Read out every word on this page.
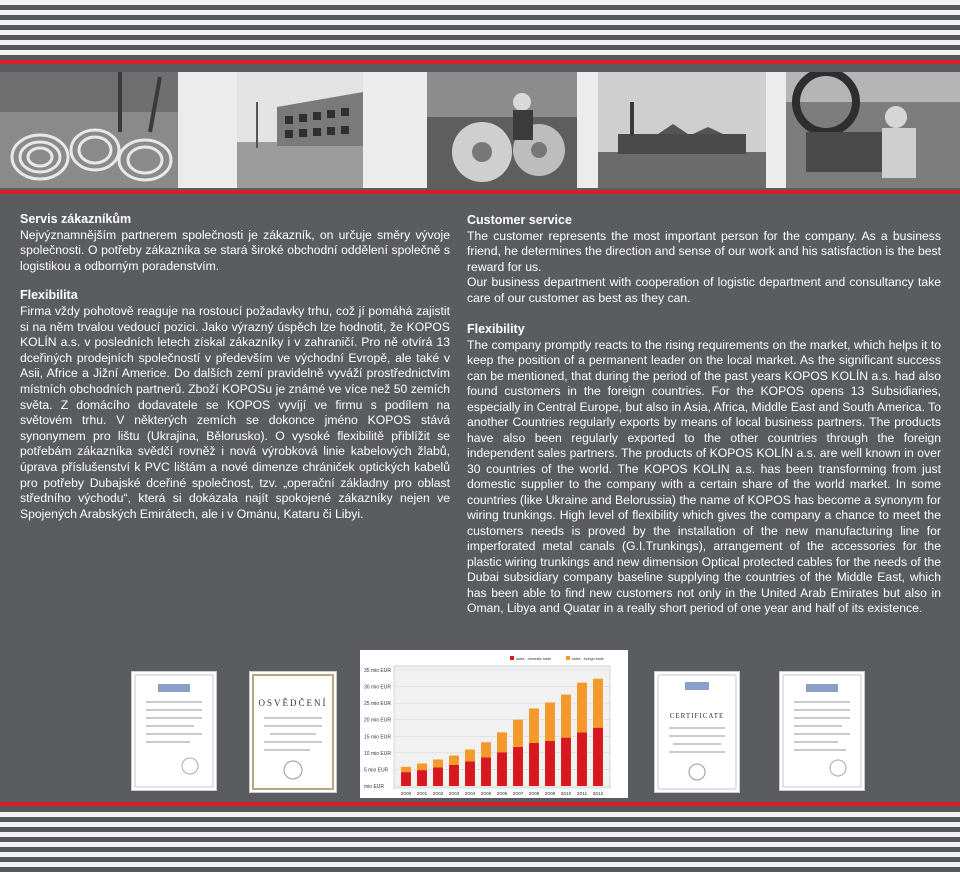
Servis zákazníkům

Nejvýznamnějším partnerem společnosti je zákazník, on určuje směry vývoje společnosti. O potřeby zákazníka se stará široké obchodní oddělení společně s logistikou a odborným poradenstvím.

Flexibilita

Firma vždy pohotově reaguje na rostoucí požadavky trhu, což jí pomáhá zajistit si na něm trvalou vedoucí pozici. Jako výrazný úspěch lze hodnotit, že KOPOS KOLÍN a.s. v posledních letech získal zákazníky i v zahraničí. Pro ně otvírá 13 dceřiných prodejních společností v především ve východní Evropě, ale také v Asii, Africe a Jižní Americe. Do dalších zemí pravidelně vyváží prostřednictvím místních obchodních partnerů. Zboží KOPOSu je známé ve více než 50 zemích světa. Z domácího dodavatele se KOPOS vyvíjí ve firmu s podílem na světovém trhu. V některých zemích se dokonce jméno KOPOS stává synonymem pro lištu (Ukrajina, Bělorusko). O vysoké flexibilitě přiblížit se potřebám zákazníka svědčí rovněž i nová výrobková linie kabelových žlabů, úprava příslušenství k PVC lištám a nové dimenze chrániček optických kabelů pro potřeby Dubajské dceřiné společnost, tzv. „operační základny pro oblast středního východu“, která si dokázala najít spokojené zákazníky nejen ve Spojených Arabských Emirátech, ale i v Ománu, Kataru či Libyi.

Customer service

The customer represents the most important person for the company. As a business friend, he determines the direction and sense of our work and his satisfaction is the best reward for us.

Our business department with cooperation of logistic department and consultancy take care of our customer as best as they can.

Flexibility

The company promptly reacts to the rising requirements on the market, which helps it to keep the position of a permanent leader on the local market. As the significant success can be mentioned, that during the period of the past years KOPOS KOLÍN a.s. had also found customers in the foreign countries. For the KOPOS opens 13 Subsidiaries, especially in Central Europe, but also in Asia, Africa, Middle East and South America. To another Countries regularly exports by means of local business partners. The products have also been regularly exported to the other countries through the foreign independent sales partners. The products of KOPOS KOLÍN a.s. are well known in over 30 countries of the world. The KOPOS KOLIN a.s. has been transforming from just domestic supplier to the company with a certain share of the world market. In some countries (like Ukraine and Belorussia) the name of KOPOS has become a synonym for wiring trunkings. High level of flexibility which gives the company a chance to meet the customers needs is proved by the installation of the new manufacturing line for imperforated metal canals (G.I.Trunkings), arrangement of the accessories for the plastic wiring trunkings and new dimension Optical protected cables for the needs of the Dubai subsidiary company baseline supplying the countries of the Middle East, which has been able to find new customers not only in the United Arab Emirates but also in Oman, Libya and Quatar in a really short period of one year and half of its existence.

OSVĚDČENÍ
CERTIFICATE
sales - domestic trade	sales - foreign trade
35 mio EUR
30 mio EUR
25 mio EUR
20 mio EUR
15 mio EUR
10 mio EUR
5 mio EUR
mio EUR
2000 2001 2002 2003 2004 2005 2006 2007 2008 2009 2010 2011 2012
